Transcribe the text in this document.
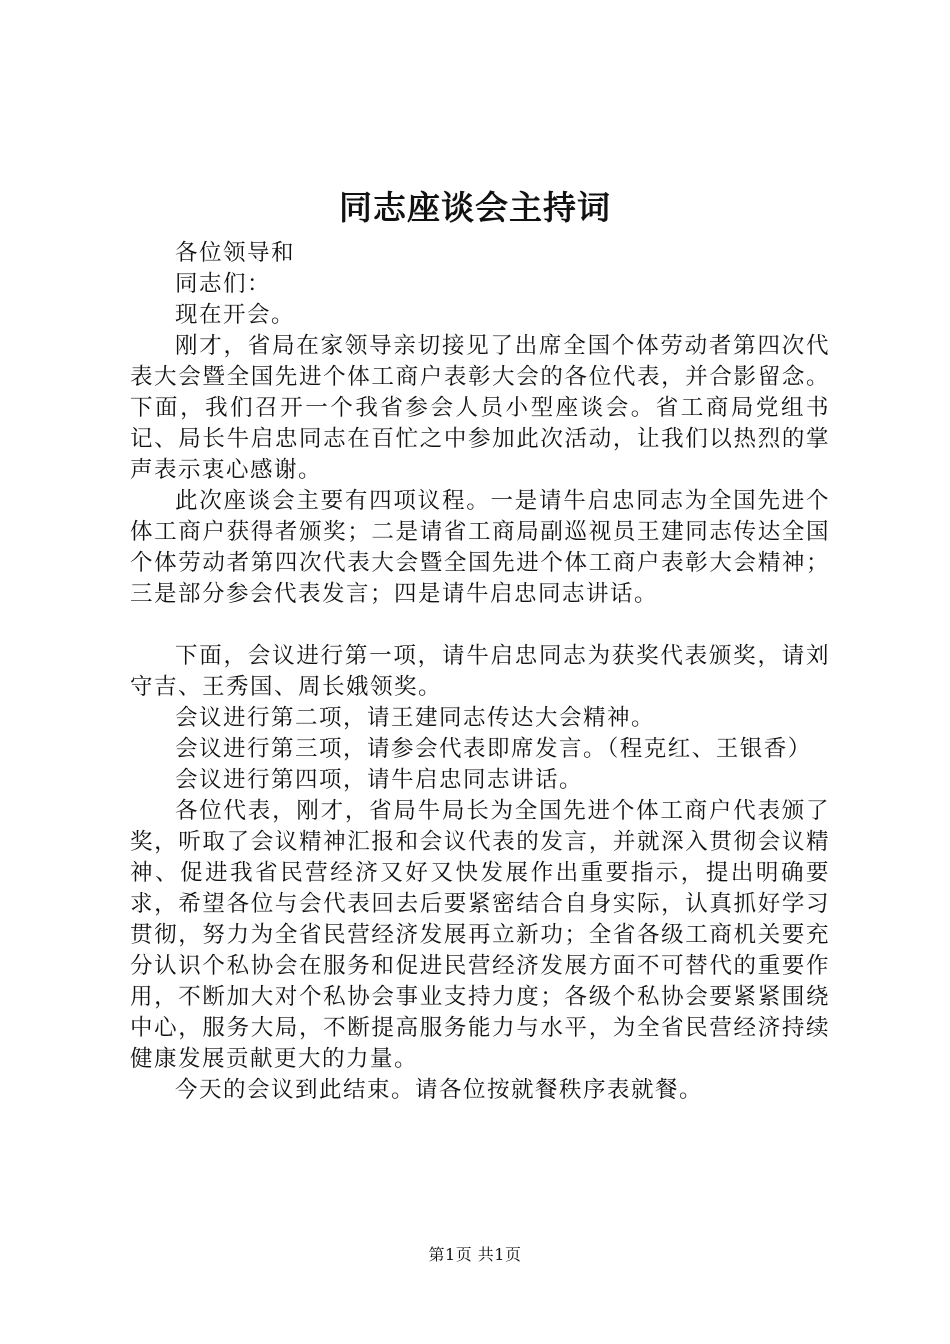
同志座谈会主持词

各位领导和

同志们：

现在开会。

刚才，省局在家领导亲切接见了出席全国个体劳动者第四次代表大会暨全国先进个体工商户表彰大会的各位代表，并合影留念。下面，我们召开一个我省参会人员小型座谈会。省工商局党组书记、局长牛启忠同志在百忙之中参加此次活动，让我们以热烈的掌声表示衷心感谢。

此次座谈会主要有四项议程。一是请牛启忠同志为全国先进个体工商户获得者颁奖；二是请省工商局副巡视员王建同志传达全国个体劳动者第四次代表大会暨全国先进个体工商户表彰大会精神；三是部分参会代表发言；四是请牛启忠同志讲话。

下面，会议进行第一项，请牛启忠同志为获奖代表颁奖，请刘守吉、王秀国、周长娥领奖。

会议进行第二项，请王建同志传达大会精神。

会议进行第三项，请参会代表即席发言。（程克红、王银香）

会议进行第四项，请牛启忠同志讲话。

各位代表，刚才，省局牛局长为全国先进个体工商户代表颁了奖，听取了会议精神汇报和会议代表的发言，并就深入贯彻会议精神、促进我省民营经济又好又快发展作出重要指示，提出明确要求，希望各位与会代表回去后要紧密结合自身实际，认真抓好学习贯彻，努力为全省民营经济发展再立新功；全省各级工商机关要充分认识个私协会在服务和促进民营经济发展方面不可替代的重要作用，不断加大对个私协会事业支持力度；各级个私协会要紧紧围绕中心，服务大局，不断提高服务能力与水平，为全省民营经济持续健康发展贡献更大的力量。

今天的会议到此结束。请各位按就餐秩序表就餐。

第1页 共1页
